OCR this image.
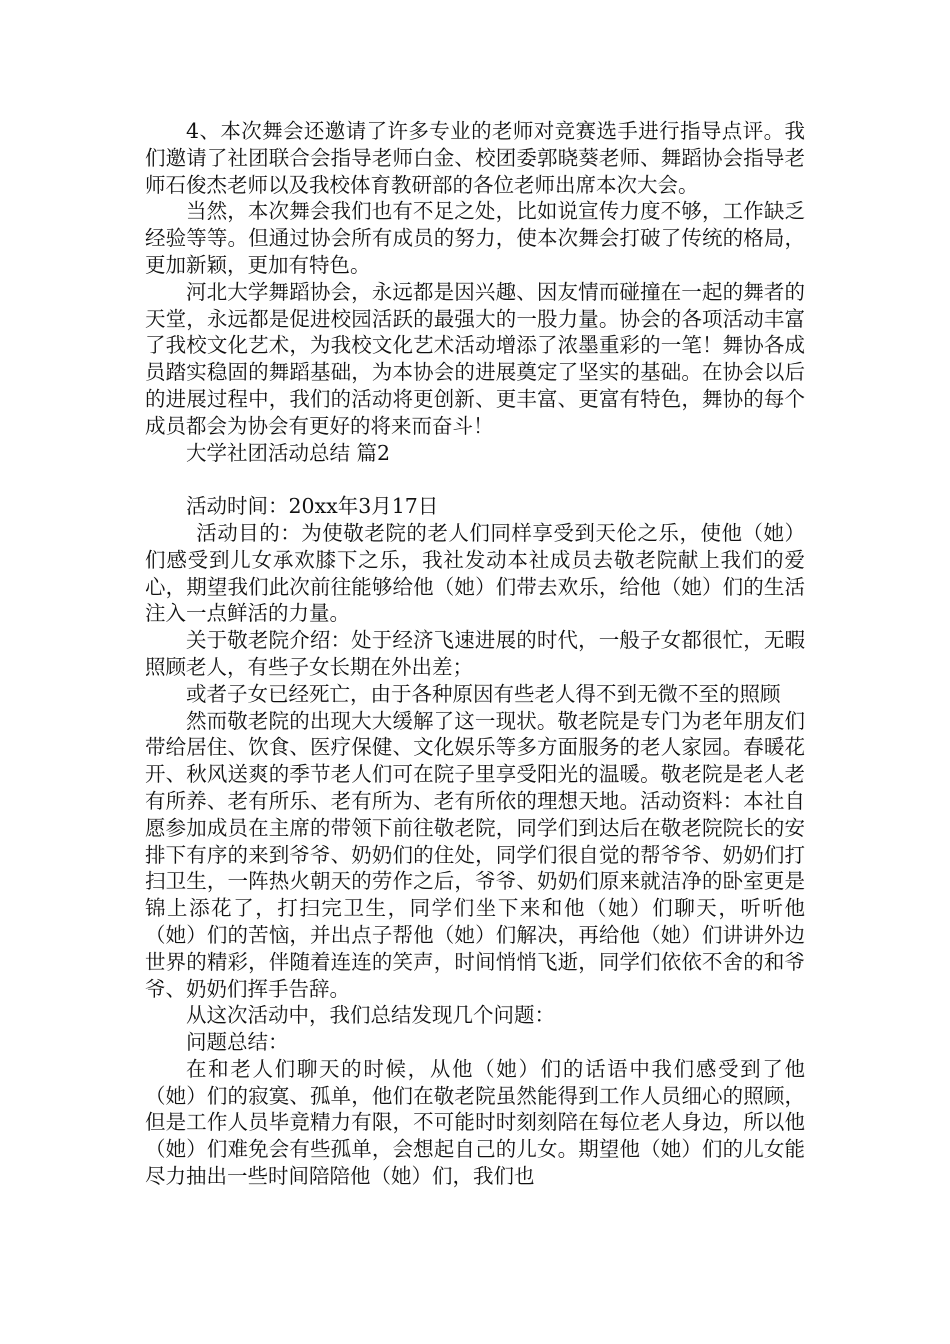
4、本次舞会还邀请了许多专业的老师对竞赛选手进行指导点评。我们邀请了社团联合会指导老师白金、校团委郭晓葵老师、舞蹈协会指导老师石俊杰老师以及我校体育教研部的各位老师出席本次大会。

当然，本次舞会我们也有不足之处，比如说宣传力度不够，工作缺乏经验等等。但通过协会所有成员的努力，使本次舞会打破了传统的格局，更加新颖，更加有特色。

河北大学舞蹈协会，永远都是因兴趣、因友情而碰撞在一起的舞者的天堂，永远都是促进校园活跃的最强大的一股力量。协会的各项活动丰富了我校文化艺术，为我校文化艺术活动增添了浓墨重彩的一笔！舞协各成员踏实稳固的舞蹈基础，为本协会的进展奠定了坚实的基础。在协会以后的进展过程中，我们的活动将更创新、更丰富、更富有特色，舞协的每个成员都会为协会有更好的将来而奋斗！

大学社团活动总结 篇2

活动时间：20xx年3月17日

活动目的：为使敬老院的老人们同样享受到天伦之乐，使他（她）们感受到儿女承欢膝下之乐，我社发动本社成员去敬老院献上我们的爱心，期望我们此次前往能够给他（她）们带去欢乐，给他（她）们的生活注入一点鲜活的力量。

关于敬老院介绍：处于经济飞速进展的时代，一般子女都很忙，无暇照顾老人，有些子女长期在外出差；

或者子女已经死亡，由于各种原因有些老人得不到无微不至的照顾

然而敬老院的出现大大缓解了这一现状。敬老院是专门为老年朋友们带给居住、饮食、医疗保健、文化娱乐等多方面服务的老人家园。春暖花开、秋风送爽的季节老人们可在院子里享受阳光的温暖。敬老院是老人老有所养、老有所乐、老有所为、老有所依的理想天地。活动资料：本社自愿参加成员在主席的带领下前往敬老院，同学们到达后在敬老院院长的安排下有序的来到爷爷、奶奶们的住处，同学们很自觉的帮爷爷、奶奶们打扫卫生，一阵热火朝天的劳作之后，爷爷、奶奶们原来就洁净的卧室更是锦上添花了，打扫完卫生，同学们坐下来和他（她）们聊天，听听他（她）们的苦恼，并出点子帮他（她）们解决，再给他（她）们讲讲外边世界的精彩，伴随着连连的笑声，时间悄悄飞逝，同学们依依不舍的和爷爷、奶奶们挥手告辞。

从这次活动中，我们总结发现几个问题：

问题总结：

在和老人们聊天的时候，从他（她）们的话语中我们感受到了他（她）们的寂寞、孤单，他们在敬老院虽然能得到工作人员细心的照顾，但是工作人员毕竟精力有限，不可能时时刻刻陪在每位老人身边，所以他（她）们难免会有些孤单，会想起自己的儿女。期望他（她）们的儿女能尽力抽出一些时间陪陪他（她）们，我们也
